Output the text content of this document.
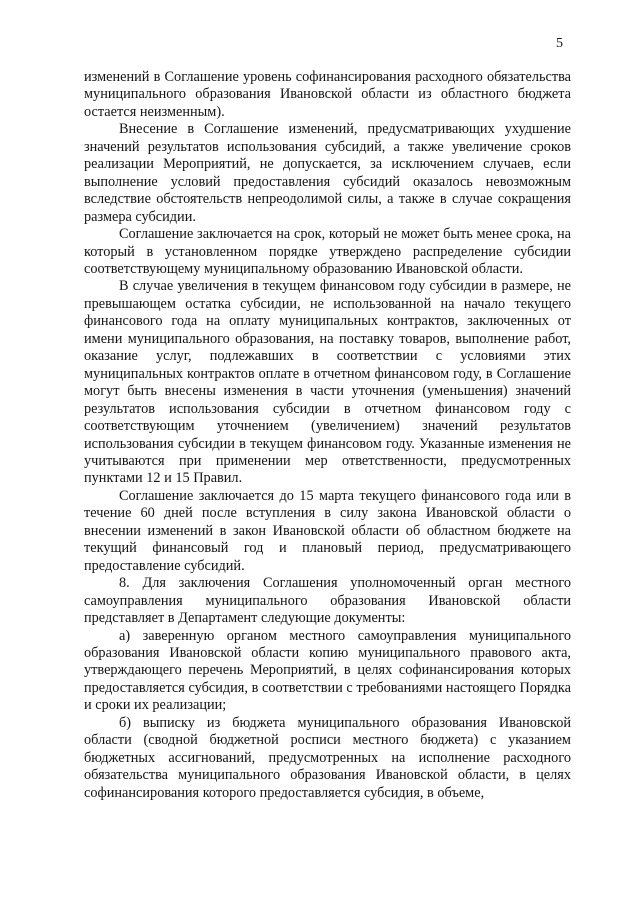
5

изменений в Соглашение уровень софинансирования расходного обязательства муниципального образования Ивановской области из областного бюджета остается неизменным).

Внесение в Соглашение изменений, предусматривающих ухудшение значений результатов использования субсидий, а также увеличение сроков реализации Мероприятий, не допускается, за исключением случаев, если выполнение условий предоставления субсидий оказалось невозможным вследствие обстоятельств непреодолимой силы, а также в случае сокращения размера субсидии.

Соглашение заключается на срок, который не может быть менее срока, на который в установленном порядке утверждено распределение субсидии соответствующему муниципальному образованию Ивановской области.

В случае увеличения в текущем финансовом году субсидии в размере, не превышающем остатка субсидии, не использованной на начало текущего финансового года на оплату муниципальных контрактов, заключенных от имени муниципального образования, на поставку товаров, выполнение работ, оказание услуг, подлежавших в соответствии с условиями этих муниципальных контрактов оплате в отчетном финансовом году, в Соглашение могут быть внесены изменения в части уточнения (уменьшения) значений результатов использования субсидии в отчетном финансовом году с соответствующим уточнением (увеличением) значений результатов использования субсидии в текущем финансовом году. Указанные изменения не учитываются при применении мер ответственности, предусмотренных пунктами 12 и 15 Правил.

Соглашение заключается до 15 марта текущего финансового года или в течение 60 дней после вступления в силу закона Ивановской области о внесении изменений в закон Ивановской области об областном бюджете на текущий финансовый год и плановый период, предусматривающего предоставление субсидий.

8. Для заключения Соглашения уполномоченный орган местного самоуправления муниципального образования Ивановской области представляет в Департамент следующие документы:

а) заверенную органом местного самоуправления муниципального образования Ивановской области копию муниципального правового акта, утверждающего перечень Мероприятий, в целях софинансирования которых предоставляется субсидия, в соответствии с требованиями настоящего Порядка и сроки их реализации;

б) выписку из бюджета муниципального образования Ивановской области (сводной бюджетной росписи местного бюджета) с указанием бюджетных ассигнований, предусмотренных на исполнение расходного обязательства муниципального образования Ивановской области, в целях софинансирования которого предоставляется субсидия, в объеме,
